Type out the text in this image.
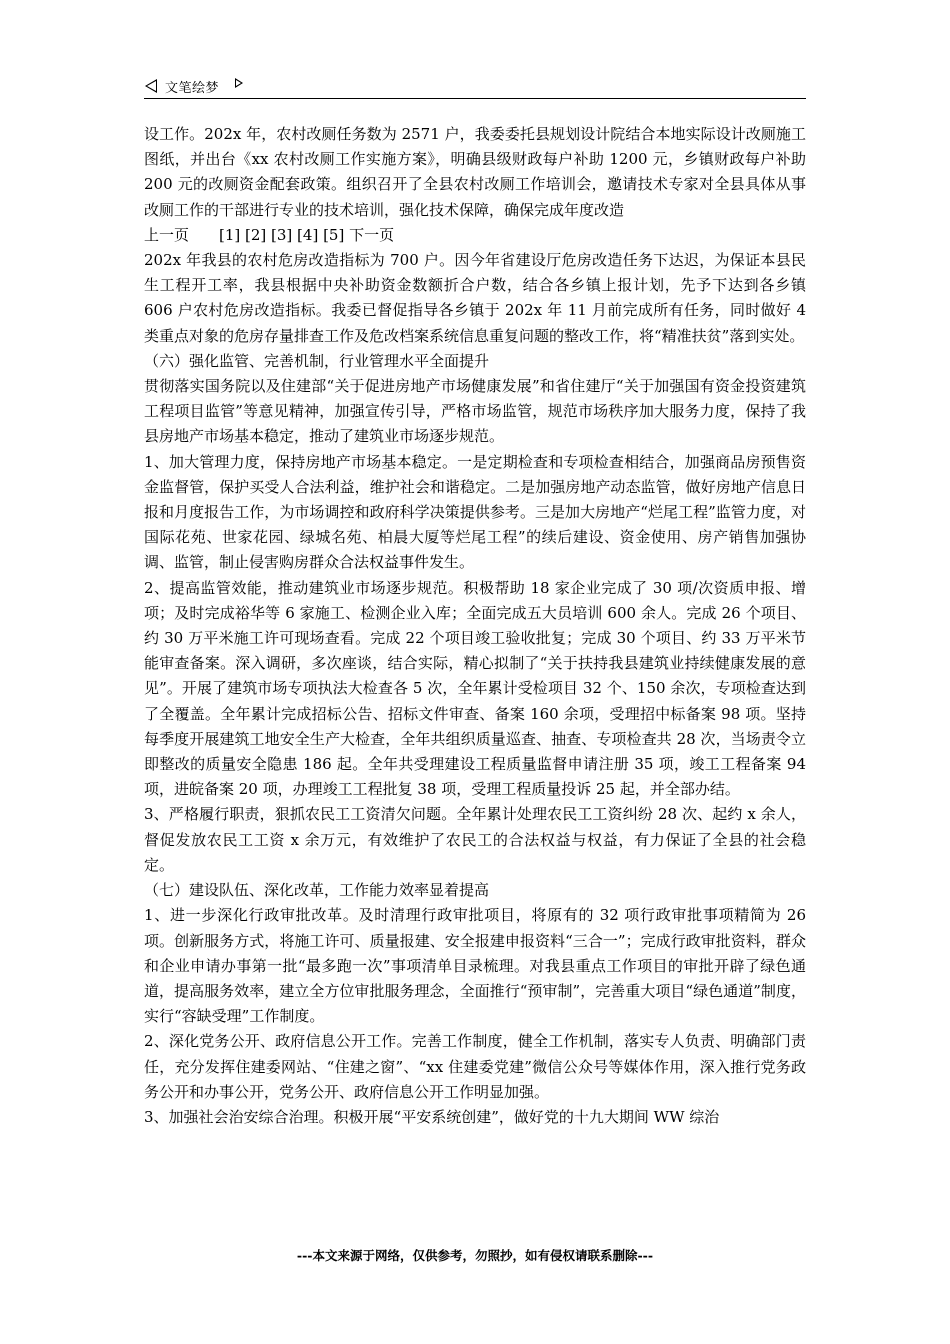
文笔绘梦

设工作。202x 年，农村改厕任务数为 2571 户，我委委托县规划设计院结合本地实际设计改厕施工图纸，并出台《xx 农村改厕工作实施方案》，明确县级财政每户补助 1200 元，乡镇财政每户补助 200 元的改厕资金配套政策。组织召开了全县农村改厕工作培训会，邀请技术专家对全县具体从事改厕工作的干部进行专业的技术培训，强化技术保障，确保完成年度改造

上一页　　[1] [2] [3] [4] [5] 下一页

202x 年我县的农村危房改造指标为 700 户。因今年省建设厅危房改造任务下达迟，为保证本县民生工程开工率，我县根据中央补助资金数额折合户数，结合各乡镇上报计划，先予下达到各乡镇 606 户农村危房改造指标。我委已督促指导各乡镇于 202x 年 11 月前完成所有任务，同时做好 4 类重点对象的危房存量排查工作及危改档案系统信息重复问题的整改工作，将“精准扶贫”落到实处。

（六）强化监管、完善机制，行业管理水平全面提升

贯彻落实国务院以及住建部“关于促进房地产市场健康发展”和省住建厅“关于加强国有资金投资建筑工程项目监管”等意见精神，加强宣传引导，严格市场监管，规范市场秩序加大服务力度，保持了我县房地产市场基本稳定，推动了建筑业市场逐步规范。

1、加大管理力度，保持房地产市场基本稳定。一是定期检查和专项检查相结合，加强商品房预售资金监督管，保护买受人合法利益，维护社会和谐稳定。二是加强房地产动态监管，做好房地产信息日报和月度报告工作，为市场调控和政府科学决策提供参考。三是加大房地产“烂尾工程”监管力度，对国际花苑、世家花园、绿城名苑、柏晨大厦等烂尾工程”的续后建设、资金使用、房产销售加强协调、监管，制止侵害购房群众合法权益事件发生。

2、提高监管效能，推动建筑业市场逐步规范。积极帮助 18 家企业完成了 30 项/次资质申报、增项；及时完成裕华等 6 家施工、检测企业入库；全面完成五大员培训 600 余人。完成 26 个项目、约 30 万平米施工许可现场查看。完成 22 个项目竣工验收批复；完成 30 个项目、约 33 万平米节能审查备案。深入调研，多次座谈，结合实际，精心拟制了“关于扶持我县建筑业持续健康发展的意见”。开展了建筑市场专项执法大检查各 5 次，全年累计受检项目 32 个、150 余次，专项检查达到了全覆盖。全年累计完成招标公告、招标文件审查、备案 160 余项，受理招中标备案 98 项。坚持每季度开展建筑工地安全生产大检查，全年共组织质量巡查、抽查、专项检查共 28 次，当场责令立即整改的质量安全隐患 186 起。全年共受理建设工程质量监督申请注册 35 项，竣工工程备案 94 项，进皖备案 20 项，办理竣工工程批复 38 项，受理工程质量投诉 25 起，并全部办结。

3、严格履行职责，狠抓农民工工资清欠问题。全年累计处理农民工工资纠纷 28 次、起约 x 余人，督促发放农民工工资 x 余万元，有效维护了农民工的合法权益与权益，有力保证了全县的社会稳定。

（七）建设队伍、深化改革，工作能力效率显着提高

1、进一步深化行政审批改革。及时清理行政审批项目，将原有的 32 项行政审批事项精简为 26 项。创新服务方式，将施工许可、质量报建、安全报建申报资料“三合一”；完成行政审批资料，群众和企业申请办事第一批“最多跑一次”事项清单目录梳理。对我县重点工作项目的审批开辟了绿色通道，提高服务效率，建立全方位审批服务理念，全面推行“预审制”，完善重大项目“绿色通道”制度，实行“容缺受理”工作制度。

2、深化党务公开、政府信息公开工作。完善工作制度，健全工作机制，落实专人负责、明确部门责任，充分发挥住建委网站、“住建之窗”、“xx 住建委党建”微信公众号等媒体作用，深入推行党务政务公开和办事公开，党务公开、政府信息公开工作明显加强。

3、加强社会治安综合治理。积极开展“平安系统创建”，做好党的十九大期间 WW 综治

---本文来源于网络，仅供参考，勿照抄，如有侵权请联系删除---
